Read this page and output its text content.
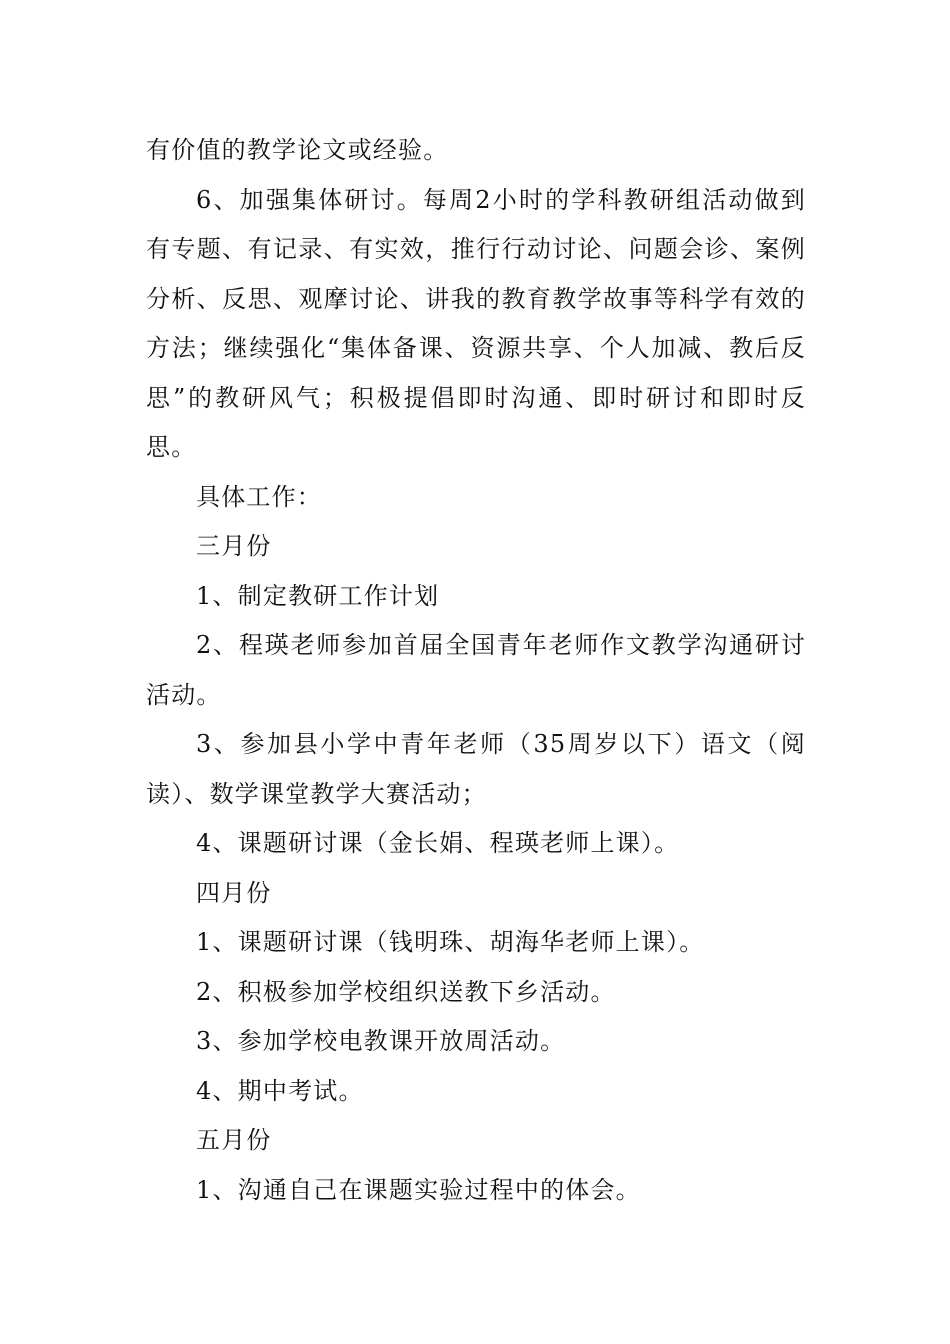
有价值的教学论文或经验。

6、加强集体研讨。每周2小时的学科教研组活动做到有专题、有记录、有实效，推行行动讨论、问题会诊、案例分析、反思、观摩讨论、讲我的教育教学故事等科学有效的方法；继续强化“集体备课、资源共享、个人加减、教后反思”的教研风气；积极提倡即时沟通、即时研讨和即时反思。

具体工作：

三月份

1、制定教研工作计划

2、程瑛老师参加首届全国青年老师作文教学沟通研讨活动。

3、参加县小学中青年老师（35周岁以下）语文（阅读）、数学课堂教学大赛活动；

4、课题研讨课（金长娟、程瑛老师上课）。

四月份

1、课题研讨课（钱明珠、胡海华老师上课）。

2、积极参加学校组织送教下乡活动。

3、参加学校电教课开放周活动。

4、期中考试。

五月份

1、沟通自己在课题实验过程中的体会。
